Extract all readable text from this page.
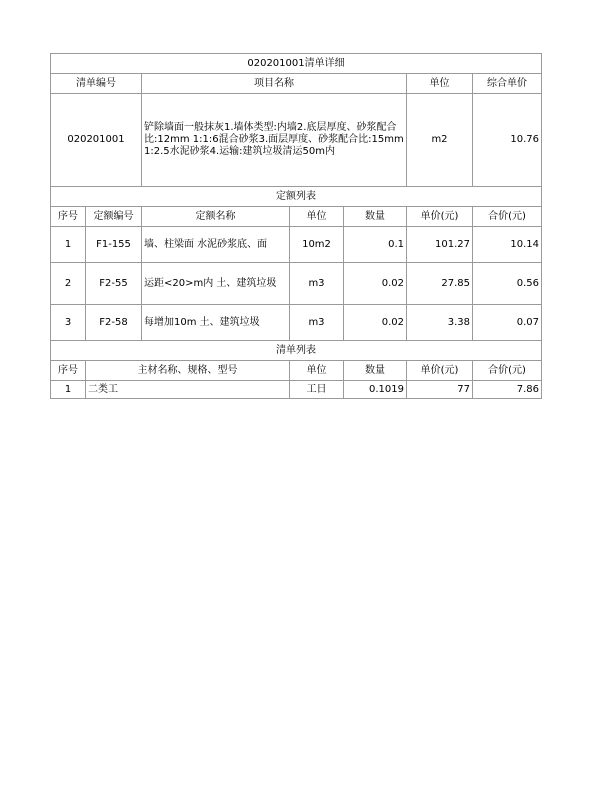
020201001清单详细						
清单编号		项目名称			单位	综合单价
020201001		铲除墙面一般抹灰1.墙体类型:内墙2.底层厚度、砂浆配合比:12mm 1:1:6混合砂浆3.面层厚度、砂浆配合比:15mm 1:2.5水泥砂浆4.运输:建筑垃圾清运50m内			m2	10.76
定额列表						
序号	定额编号	定额名称	单位	数量	单价(元)	合价(元)
1	F1-155	墙、柱梁面 水泥砂浆底、面	10m2	0.1	101.27	10.14
2	F2-55	运距<20>m内 土、建筑垃圾	m3	0.02	27.85	0.56
3	F2-58	每增加10m 土、建筑垃圾	m3	0.02	3.38	0.07
清单列表						
序号	主材名称、规格、型号		单位	数量	单价(元)	合价(元)
1	二类工		工日	0.1019	77	7.86
